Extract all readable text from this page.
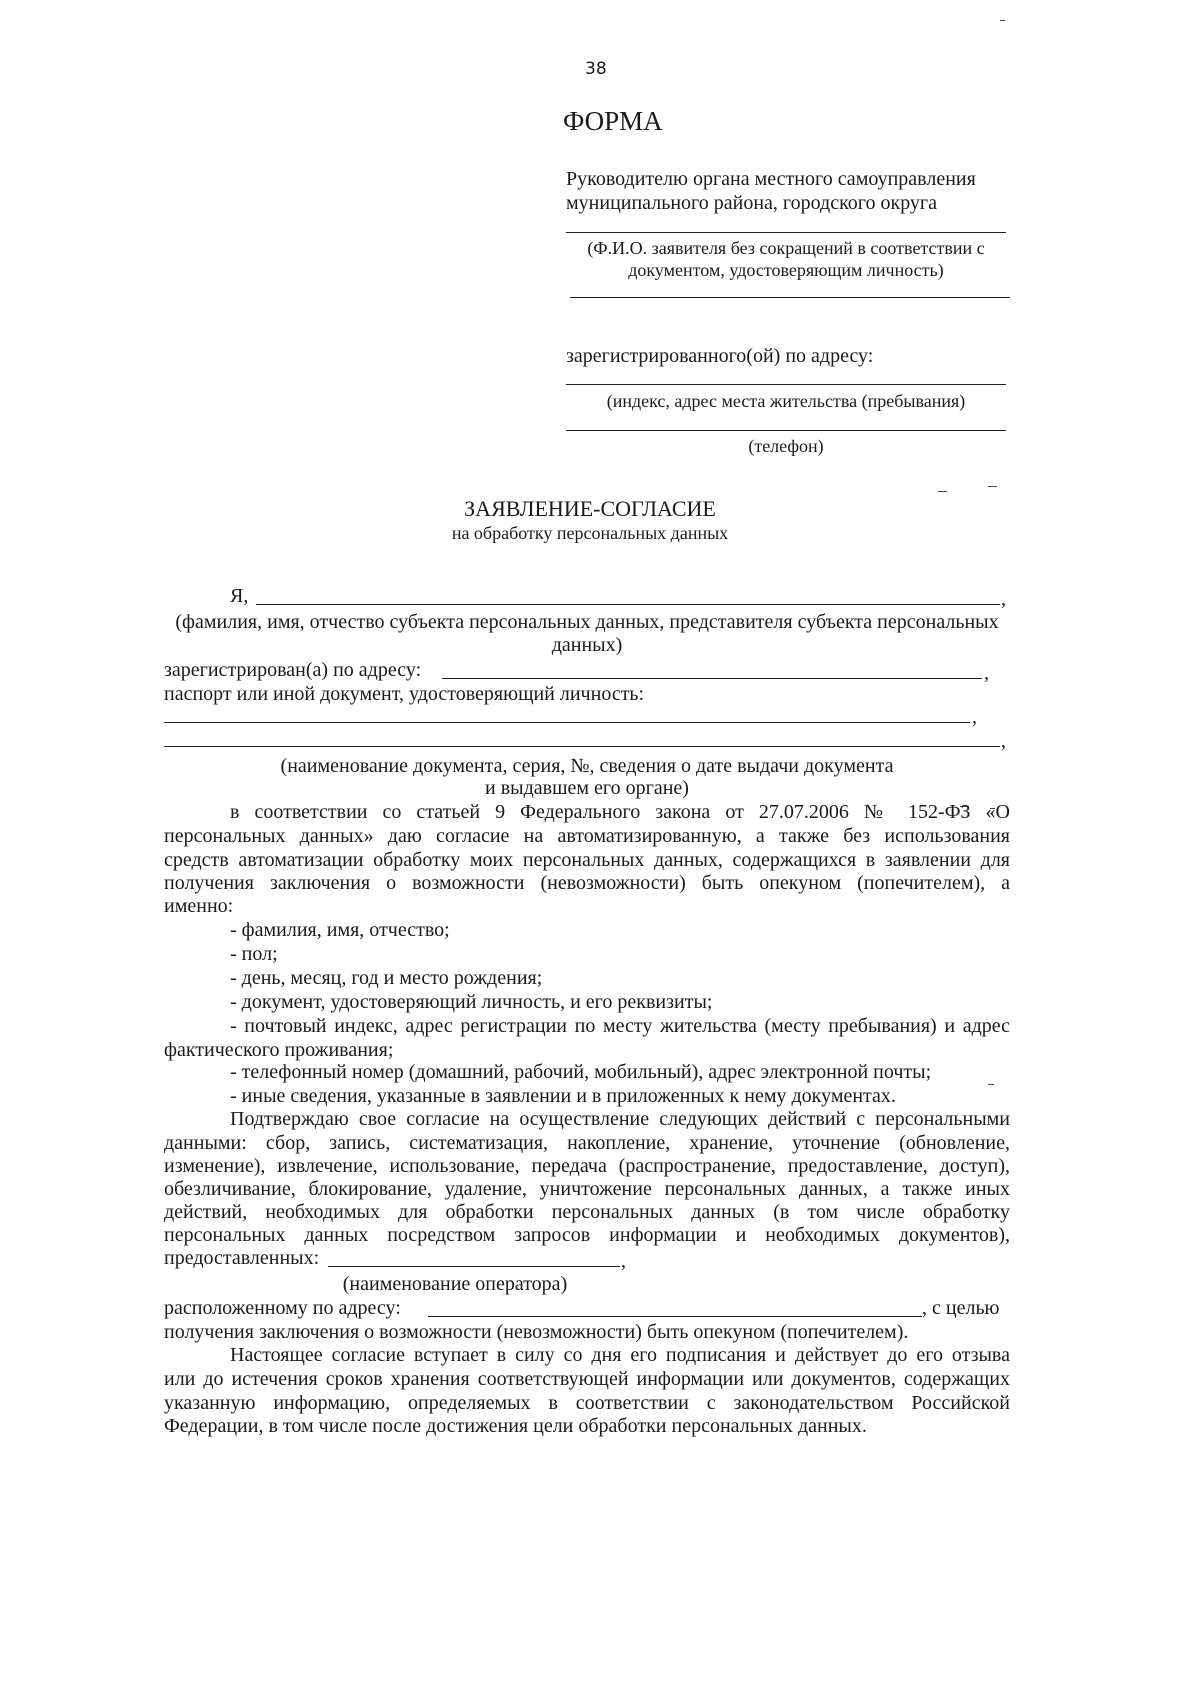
38
ФОРМА
Руководителю органа местного самоуправления
муниципального района, городского округа
(Ф.И.О. заявителя без сокращений в соответствии с
документом, удостоверяющим личность)
зарегистрированного(ой) по адресу:
(индекс, адрес места жительства (пребывания)
(телефон)
ЗАЯВЛЕНИЕ-СОГЛАСИЕ
на обработку персональных данных
Я,	,
(фамилия, имя, отчество субъекта персональных данных, представителя субъекта персональных
данных)
зарегистрирован(а) по адресу:	,
паспорт или иной документ, удостоверяющий личность:
,
,
(наименование документа, серия, №, сведения о дате выдачи документа
и выдавшем его органе)
в соответствии со статьей 9 Федерального закона от 27.07.2006 № 152-ФЗ «О
персональных данных» даю согласие на автоматизированную, а также без использования
средств автоматизации обработку моих персональных данных, содержащихся в заявлении для
получения заключения о возможности (невозможности) быть опекуном (попечителем), а
именно:
- фамилия, имя, отчество;
- пол;
- день, месяц, год и место рождения;
- документ, удостоверяющий личность, и его реквизиты;
- почтовый индекс, адрес регистрации по месту жительства (месту пребывания) и адрес
фактического проживания;
- телефонный номер (домашний, рабочий, мобильный), адрес электронной почты;
- иные сведения, указанные в заявлении и в приложенных к нему документах.
Подтверждаю свое согласие на осуществление следующих действий с персональными
данными: сбор, запись, систематизация, накопление, хранение, уточнение (обновление,
изменение), извлечение, использование, передача (распространение, предоставление, доступ),
обезличивание, блокирование, удаление, уничтожение персональных данных, а также иных
действий, необходимых для обработки персональных данных (в том числе обработку
персональных данных посредством запросов информации и необходимых документов),
предоставленных:	,
(наименование оператора)
расположенному по адресу:	, с целью
получения заключения о возможности (невозможности) быть опекуном (попечителем).
Настоящее согласие вступает в силу со дня его подписания и действует до его отзыва
или до истечения сроков хранения соответствующей информации или документов, содержащих
указанную информацию, определяемых в соответствии с законодательством Российской
Федерации, в том числе после достижения цели обработки персональных данных.
